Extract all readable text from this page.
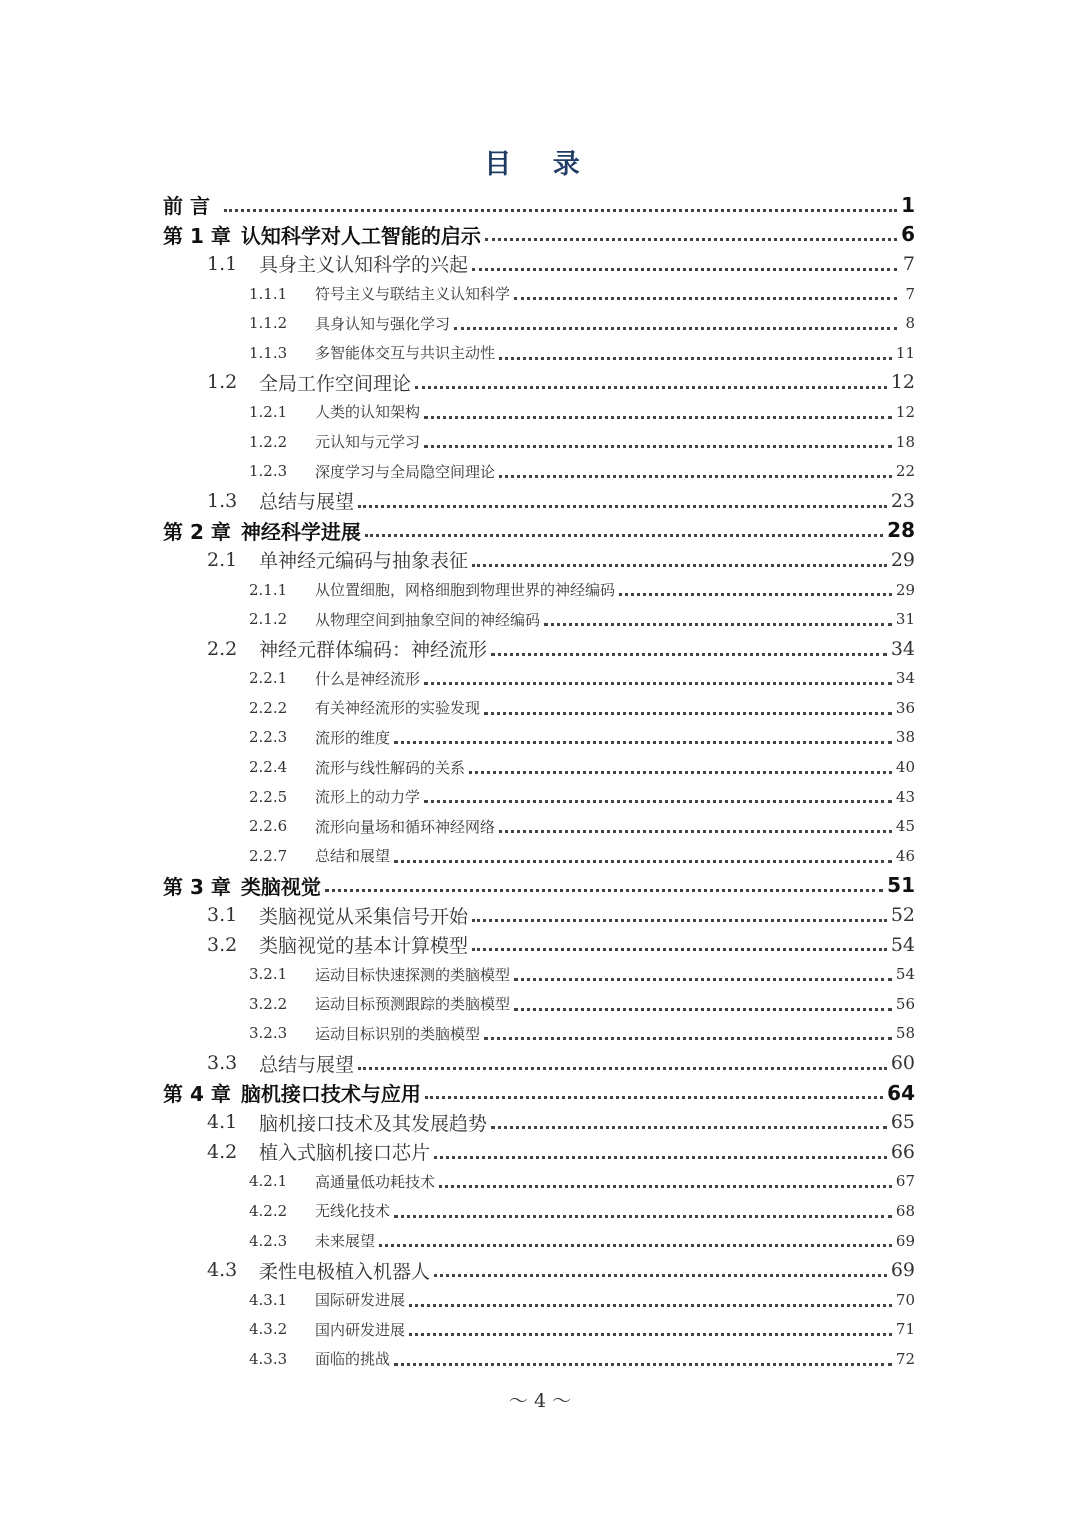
目 录
前 言	1
第 1 章 认知科学对人工智能的启示	6
1.1	具身主义认知科学的兴起	7
1.1.1	符号主义与联结主义认知科学	7
1.1.2	具身认知与强化学习	8
1.1.3	多智能体交互与共识主动性	11
1.2	全局工作空间理论	12
1.2.1	人类的认知架构	12
1.2.2	元认知与元学习	18
1.2.3	深度学习与全局隐空间理论	22
1.3	总结与展望	23
第 2 章 神经科学进展	28
2.1	单神经元编码与抽象表征	29
2.1.1	从位置细胞，网格细胞到物理世界的神经编码	29
2.1.2	从物理空间到抽象空间的神经编码	31
2.2	神经元群体编码：神经流形	34
2.2.1	什么是神经流形	34
2.2.2	有关神经流形的实验发现	36
2.2.3	流形的维度	38
2.2.4	流形与线性解码的关系	40
2.2.5	流形上的动力学	43
2.2.6	流形向量场和循环神经网络	45
2.2.7	总结和展望	46
第 3 章 类脑视觉	51
3.1	类脑视觉从采集信号开始	52
3.2	类脑视觉的基本计算模型	54
3.2.1	运动目标快速探测的类脑模型	54
3.2.2	运动目标预测跟踪的类脑模型	56
3.2.3	运动目标识别的类脑模型	58
3.3	总结与展望	60
第 4 章 脑机接口技术与应用	64
4.1	脑机接口技术及其发展趋势	65
4.2	植入式脑机接口芯片	66
4.2.1	高通量低功耗技术	67
4.2.2	无线化技术	68
4.2.3	未来展望	69
4.3	柔性电极植入机器人	69
4.3.1	国际研发进展	70
4.3.2	国内研发进展	71
4.3.3	面临的挑战	72
～ 4 ～
